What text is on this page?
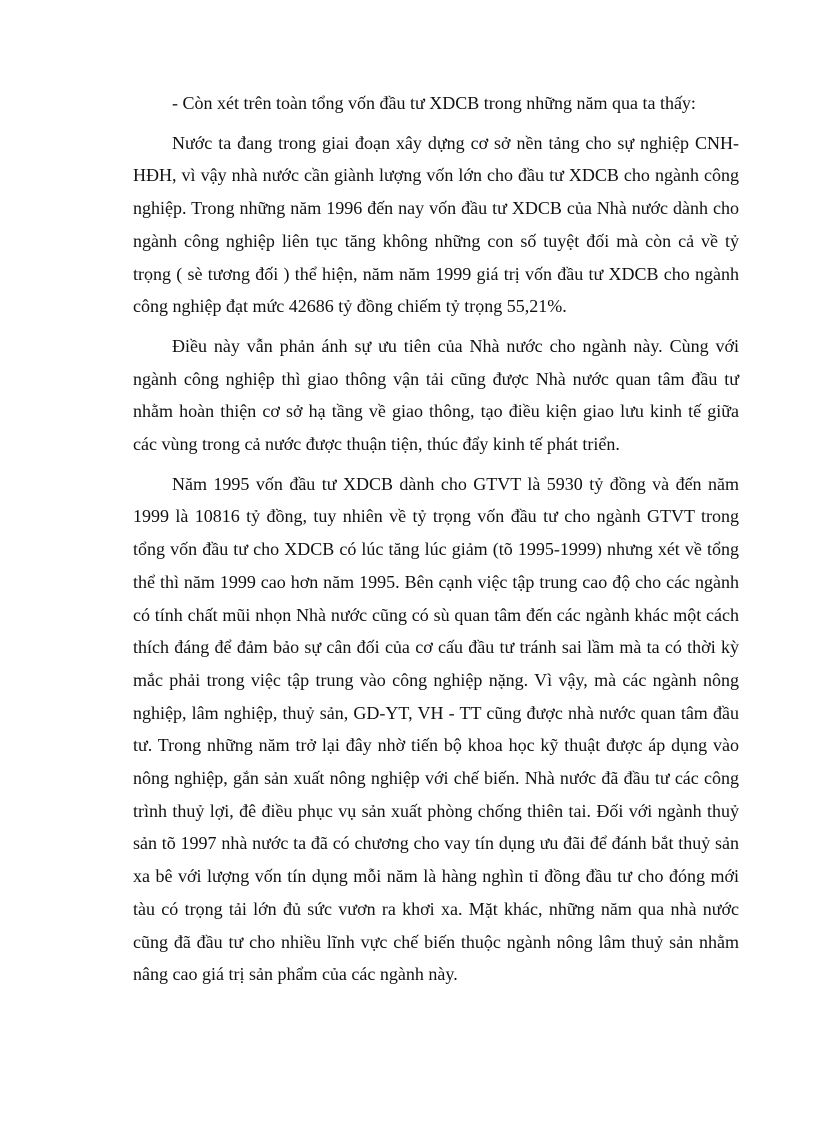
- Còn xét trên toàn tổng vốn đầu tư XDCB trong những năm qua ta thấy:

Nước ta đang trong giai đoạn xây dựng cơ sở nền tảng cho sự nghiệp CNH-HĐH, vì vậy nhà nước cần giành lượng vốn lớn cho đầu tư XDCB cho ngành công nghiệp. Trong những năm 1996 đến nay vốn đầu tư XDCB của Nhà nước dành cho ngành công nghiệp liên tục tăng không những con số tuyệt đối mà còn cả về tỷ trọng ( sè tương đối ) thể hiện, năm năm 1999 giá trị vốn đầu tư XDCB cho ngành công nghiệp đạt mức 42686 tỷ đồng chiếm tỷ trọng 55,21%.

Điều này vẫn phản ánh sự ưu tiên của Nhà nước cho ngành này. Cùng với ngành công nghiệp thì giao thông vận tải cũng được Nhà nước quan tâm đầu tư nhằm hoàn thiện cơ sở hạ tầng về giao thông, tạo điều kiện giao lưu kinh tế giữa các vùng trong cả nước được thuận tiện, thúc đẩy kinh tế phát triển.

Năm 1995 vốn đầu tư XDCB dành cho GTVT là 5930 tỷ đồng và đến năm 1999 là 10816 tỷ đồng, tuy nhiên về tỷ trọng vốn đầu tư cho ngành GTVT trong tổng vốn đầu tư cho XDCB có lúc tăng lúc giảm (tõ 1995-1999) nhưng xét về tổng thể thì năm 1999 cao hơn năm 1995. Bên cạnh việc tập trung cao độ cho các ngành có tính chất mũi nhọn Nhà nước cũng có sù quan tâm đến các ngành khác một cách thích đáng để đảm bảo sự cân đối của cơ cấu đầu tư tránh sai lầm mà ta có thời kỳ mắc phải trong việc tập trung vào công nghiệp nặng. Vì vậy, mà các ngành nông nghiệp, lâm nghiệp, thuỷ sản, GD-YT, VH - TT cũng được nhà nước quan tâm đầu tư. Trong những năm trở lại đây nhờ tiến bộ khoa học kỹ thuật được áp dụng vào nông nghiệp, gắn sản xuất nông nghiệp với chế biến. Nhà nước đã đầu tư các công trình thuỷ lợi, đê điều phục vụ sản xuất phòng chống thiên tai. Đối với ngành thuỷ sản tõ 1997 nhà nước ta đã có chương cho vay tín dụng ưu đãi để đánh bắt thuỷ sản xa bê với lượng vốn tín dụng mỗi năm là hàng nghìn tỉ đồng đầu tư cho đóng mới tàu có trọng tải lớn đủ sức vươn ra khơi xa. Mặt khác, những năm qua nhà nước cũng đã đầu tư cho nhiều lĩnh vực chế biến thuộc ngành nông lâm thuỷ sản nhằm nâng cao giá trị sản phẩm của các ngành này.
